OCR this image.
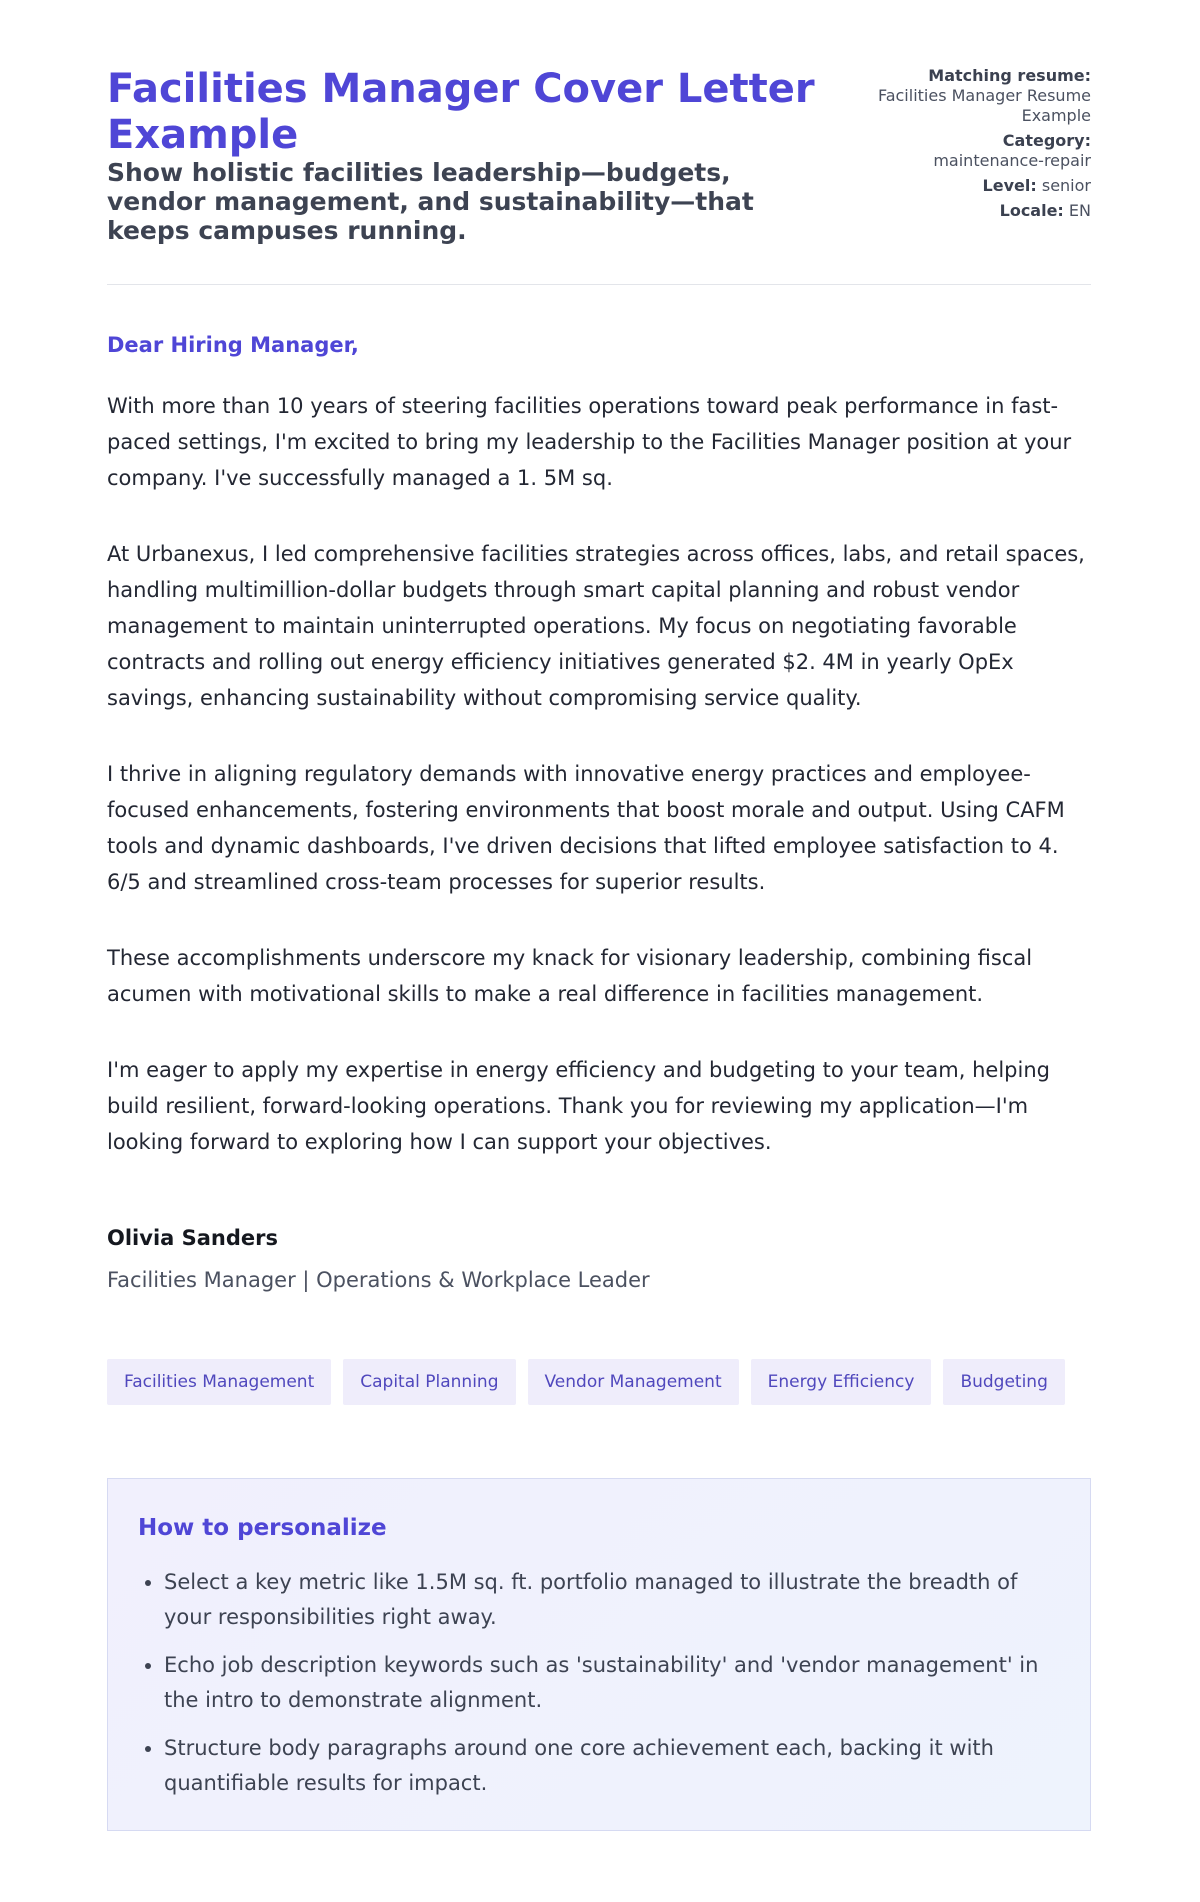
Facilities Manager Cover Letter Example

Show holistic facilities leadership—budgets, vendor management, and sustainability—that keeps campuses running.

Matching resume:
Facilities Manager Resume Example
Category:
maintenance-repair
Level: senior
Locale: EN

Dear Hiring Manager,

With more than 10 years of steering facilities operations toward peak performance in fast-paced settings, I'm excited to bring my leadership to the Facilities Manager position at your company. I've successfully managed a 1. 5M sq.

At Urbanexus, I led comprehensive facilities strategies across offices, labs, and retail spaces, handling multimillion-dollar budgets through smart capital planning and robust vendor management to maintain uninterrupted operations. My focus on negotiating favorable contracts and rolling out energy efficiency initiatives generated $2. 4M in yearly OpEx savings, enhancing sustainability without compromising service quality.

I thrive in aligning regulatory demands with innovative energy practices and employee-focused enhancements, fostering environments that boost morale and output. Using CAFM tools and dynamic dashboards, I've driven decisions that lifted employee satisfaction to 4. 6/5 and streamlined cross-team processes for superior results.

These accomplishments underscore my knack for visionary leadership, combining fiscal acumen with motivational skills to make a real difference in facilities management.

I'm eager to apply my expertise in energy efficiency and budgeting to your team, helping build resilient, forward-looking operations. Thank you for reviewing my application—I'm looking forward to exploring how I can support your objectives.

Olivia Sanders
Facilities Manager | Operations & Workplace Leader
Facilities Management	Capital Planning	Vendor Management	Energy Efficiency	Budgeting
How to personalize
• Select a key metric like 1.5M sq. ft. portfolio managed to illustrate the breadth of your responsibilities right away.
• Echo job description keywords such as 'sustainability' and 'vendor management' in the intro to demonstrate alignment.
• Structure body paragraphs around one core achievement each, backing it with quantifiable results for impact.
